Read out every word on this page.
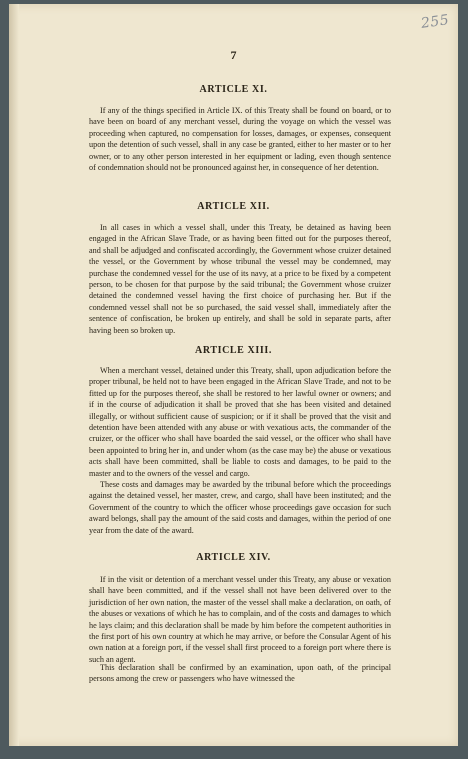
255
7
ARTICLE XI.

If any of the things specified in Article IX. of this Treaty shall be found on board, or to have been on board of any merchant vessel, during the voyage on which the vessel was proceeding when captured, no compensation for losses, damages, or expenses, consequent upon the detention of such vessel, shall in any case be granted, either to her master or to her owner, or to any other person interested in her equipment or lading, even though sentence of condemnation should not be pronounced against her, in consequence of her detention.

ARTICLE XII.

In all cases in which a vessel shall, under this Treaty, be detained as having been engaged in the African Slave Trade, or as having been fitted out for the purposes thereof, and shall be adjudged and confiscated accordingly, the Government whose cruizer detained the vessel, or the Government by whose tribunal the vessel may be condemned, may purchase the condemned vessel for the use of its navy, at a price to be fixed by a competent person, to be chosen for that purpose by the said tribunal; the Government whose cruizer detained the condemned vessel having the first choice of purchasing her. But if the condemned vessel shall not be so purchased, the said vessel shall, immediately after the sentence of confiscation, be broken up entirely, and shall be sold in separate parts, after having been so broken up.

ARTICLE XIII.

When a merchant vessel, detained under this Treaty, shall, upon adjudication before the proper tribunal, be held not to have been engaged in the African Slave Trade, and not to be fitted up for the purposes thereof, she shall be restored to her lawful owner or owners; and if in the course of adjudication it shall be proved that she has been visited and detained illegally, or without sufficient cause of suspicion; or if it shall be proved that the visit and detention have been attended with any abuse or with vexatious acts, the commander of the cruizer, or the officer who shall have boarded the said vessel, or the officer who shall have been appointed to bring her in, and under whom (as the case may be) the abuse or vexatious acts shall have been committed, shall be liable to costs and damages, to be paid to the master and to the owners of the vessel and cargo.

These costs and damages may be awarded by the tribunal before which the proceedings against the detained vessel, her master, crew, and cargo, shall have been instituted; and the Government of the country to which the officer whose proceedings gave occasion for such award belongs, shall pay the amount of the said costs and damages, within the period of one year from the date of the award.

ARTICLE XIV.

If in the visit or detention of a merchant vessel under this Treaty, any abuse or vexation shall have been committed, and if the vessel shall not have been delivered over to the jurisdiction of her own nation, the master of the vessel shall make a declaration, on oath, of the abuses or vexations of which he has to complain, and of the costs and damages to which he lays claim; and this declaration shall be made by him before the competent authorities in the first port of his own country at which he may arrive, or before the Consular Agent of his own nation at a foreign port, if the vessel shall first proceed to a foreign port where there is such an agent.

This declaration shall be confirmed by an examination, upon oath, of the principal persons among the crew or passengers who have witnessed the
